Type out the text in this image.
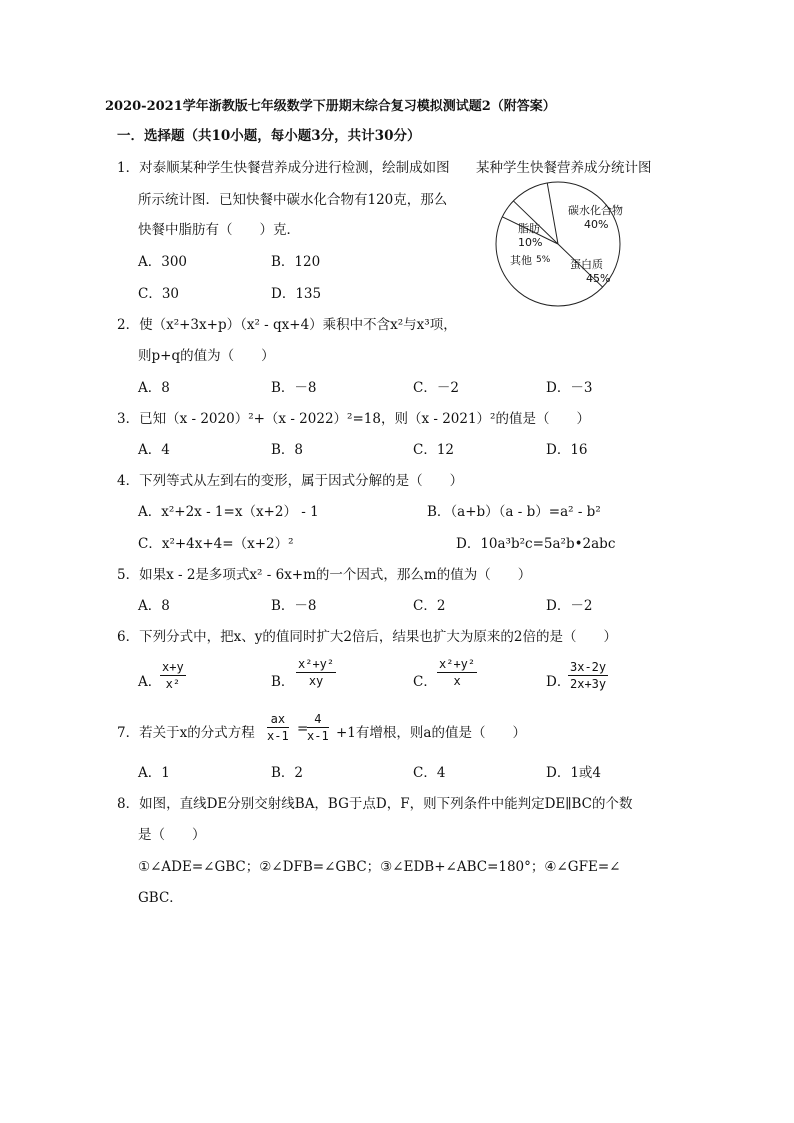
2020-2021学年浙教版七年级数学下册期末综合复习模拟测试题2（附答案）
一．选择题（共10小题，每小题3分，共计30分）
1．对泰顺某种学生快餐营养成分进行检测，绘制成如图
所示统计图．已知快餐中碳水化合物有120克，那么
快餐中脂肪有（　　）克．
A．300	B．120
C．30	D．135
某种学生快餐营养成分统计图
碳水化合物
40%
蛋白质
45%
其他 5%
脂肪
10%
2．使（x²+3x+p）（x² - qx+4）乘积中不含x²与x³项，
则p+q的值为（　　）
A．8	B．－8	C．－2	D．－3
3．已知（x - 2020）²+（x - 2022）²=18，则（x - 2021）²的值是（　　）
A．4	B．8	C．12	D．16
4．下列等式从左到右的变形，属于因式分解的是（　　）
A．x²+2x - 1=x（x+2） - 1	B．（a+b）（a - b）=a² - b²
C．x²+4x+4=（x+2）²	D．10a³b²c=5a²b•2abc
5．如果x - 2是多项式x² - 6x+m的一个因式，那么m的值为（　　）
A．8	B．－8	C．2	D．－2
6．下列分式中，把x、y的值同时扩大2倍后，结果也扩大为原来的2倍的是（　　）
A．
$\frac{x+y}{\text{x²}}$	B． $\frac{\text{x²+y²}}{xy}$	C． $\frac{\text{x²+y²}}{x}$	D．
$\frac{3x-2y}{2x+3y}$
7．若关于x的分式方程 $\frac{ax}{x-1}$ =
$\frac{4}{x-1} +1$有增根，则a的值是（　　）
A．1	B．2	C．4	D．1或4
8．如图，直线DE分别交射线BA，BG于点D，F，则下列条件中能判定DE∥BC的个数
是（　　）
①∠ADE=∠GBC；②∠DFB=∠GBC；③∠EDB+∠ABC=180°；④∠GFE=∠
GBC．
